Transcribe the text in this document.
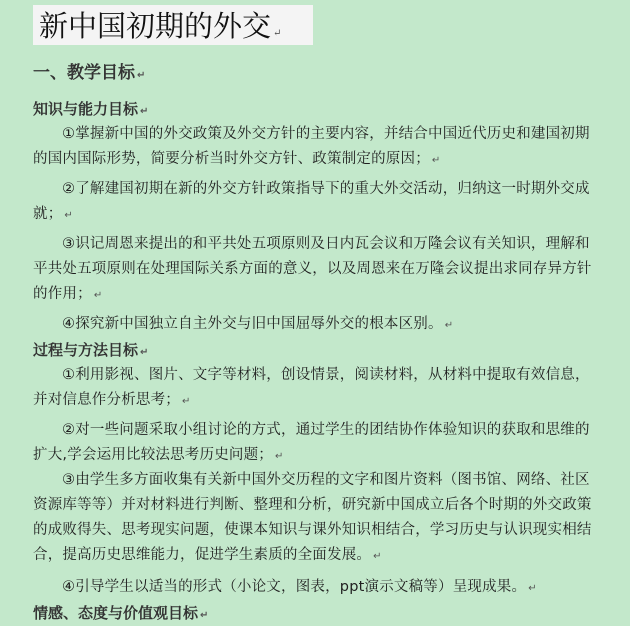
新中国初期的外交 ↵
一、教学目标 ↵
知识与能力目标 ↵
①掌握新中国的外交政策及外交方针的主要内容，并结合中国近代历史和建国初期的国内国际形势，简要分析当时外交方针、政策制定的原因； ↵
②了解建国初期在新的外交方针政策指导下的重大外交活动，归纳这一时期外交成就； ↵
③识记周恩来提出的和平共处五项原则及日内瓦会议和万隆会议有关知识，理解和平共处五项原则在处理国际关系方面的意义，以及周恩来在万隆会议提出求同存异方针的作用； ↵
④探究新中国独立自主外交与旧中国屈辱外交的根本区别。 ↵
过程与方法目标 ↵
①利用影视、图片、文字等材料，创设情景，阅读材料，从材料中提取有效信息，并对信息作分析思考； ↵
②对一些问题采取小组讨论的方式，通过学生的团结协作体验知识的获取和思维的扩大,学会运用比较法思考历史问题； ↵
③由学生多方面收集有关新中国外交历程的文字和图片资料（图书馆、网络、社区资源库等等）并对材料进行判断、整理和分析，研究新中国成立后各个时期的外交政策的成败得失、思考现实问题，使课本知识与课外知识相结合，学习历史与认识现实相结合，提高历史思维能力，促进学生素质的全面发展。 ↵
④引导学生以适当的形式（小论文，图表，ppt演示文稿等）呈现成果。 ↵
情感、态度与价值观目标 ↵
